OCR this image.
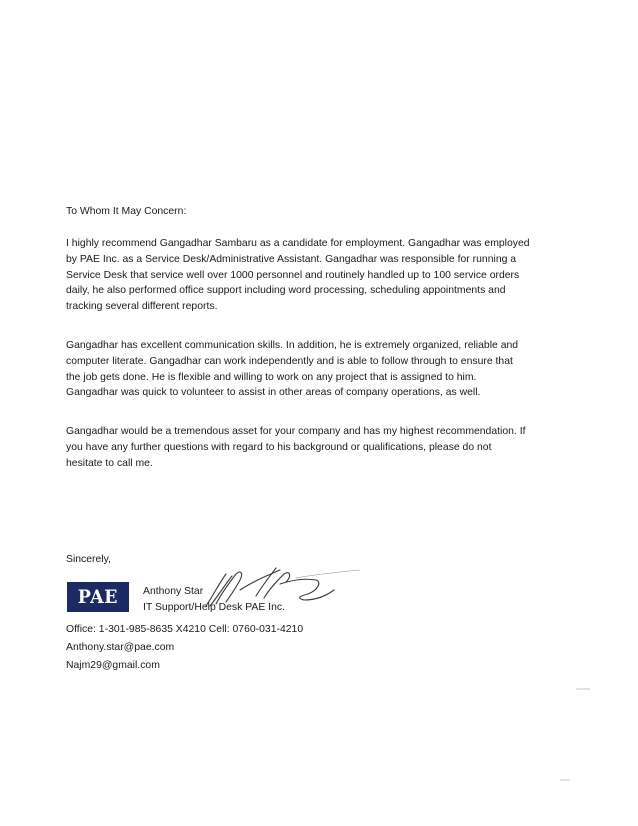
To Whom It May Concern:
I highly recommend Gangadhar Sambaru as a candidate for employment. Gangadhar was employed
by PAE Inc. as a Service Desk/Administrative Assistant. Gangadhar was responsible for running a
Service Desk that service well over 1000 personnel and routinely handled up to 100 service orders
daily, he also performed office support including word processing, scheduling appointments and
tracking several different reports.
Gangadhar has excellent communication skills. In addition, he is extremely organized, reliable and
computer literate. Gangadhar can work independently and is able to follow through to ensure that
the job gets done. He is flexible and willing to work on any project that is assigned to him.
Gangadhar was quick to volunteer to assist in other areas of company operations, as well.
Gangadhar would be a tremendous asset for your company and has my highest recommendation. If
you have any further questions with regard to his background or qualifications, please do not
hesitate to call me.
Sincerely,
PAE Anthony Star
IT Support/Help Desk PAE Inc.
Office: 1-301-985-8635 X4210 Cell: 0760-031-4210
Anthony.star@pae.com
Najm29@gmail.com
